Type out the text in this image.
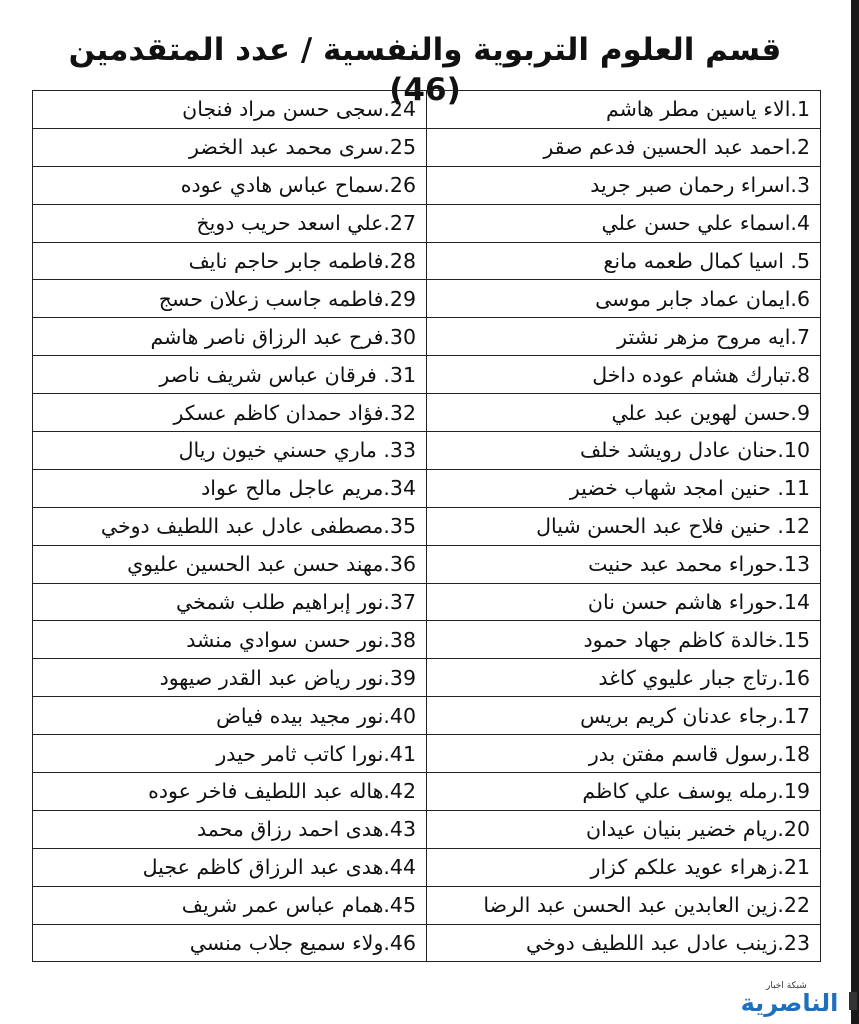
قسم العلوم التربوية والنفسية / عدد المتقدمين (46)
1.الاء ياسين مطر هاشم	24.سجى حسن مراد فنجان
2.احمد عبد الحسين فدعم صقر	25.سرى محمد عبد الخضر
3.اسراء رحمان صبر جريد	26.سماح عباس هادي عوده
4.اسماء علي حسن علي	27.علي اسعد حريب دويخ
5. اسيا كمال طعمه مانع	28.فاطمه جابر حاجم نايف
6.ايمان عماد جابر موسى	29.فاطمه جاسب زعلان حسج
7.ايه مروح مزهر نشتر	30.فرح عبد الرزاق ناصر هاشم
8.تبارك هشام عوده داخل	31. فرقان عباس شريف ناصر
9.حسن لهوين عبد علي	32.فؤاد حمدان كاظم عسكر
10.حنان عادل رويشد خلف	33. ماري حسني خيون ريال
11. حنين امجد شهاب خضير	34.مريم عاجل مالح عواد
12. حنين فلاح عبد الحسن شيال	35.مصطفى عادل عبد اللطيف دوخي
13.حوراء محمد عبد حنيت	36.مهند حسن عبد الحسين عليوي
14.حوراء هاشم حسن نان	37.نور إبراهيم طلب شمخي
15.خالدة كاظم جهاد حمود	38.نور حسن سوادي منشد
16.رتاج جبار عليوي كاغد	39.نور رياض عبد القدر صيهود
17.رجاء عدنان كريم بريس	40.نور مجيد بيده فياض
18.رسول قاسم مفتن بدر	41.نورا كاتب ثامر حيدر
19.رمله يوسف علي كاظم	42.هاله عبد اللطيف فاخر عوده
20.ريام خضير بنيان عيدان	43.هدى احمد رزاق محمد
21.زهراء عويد علكم كزار	44.هدى عبد الرزاق كاظم عجيل
22.زين العابدين عبد الحسن عبد الرضا	45.همام عباس عمر شريف
23.زينب عادل عبد اللطيف دوخي	46.ولاء سميع جلاب منسي
شبكة اخبار
الناصرية
